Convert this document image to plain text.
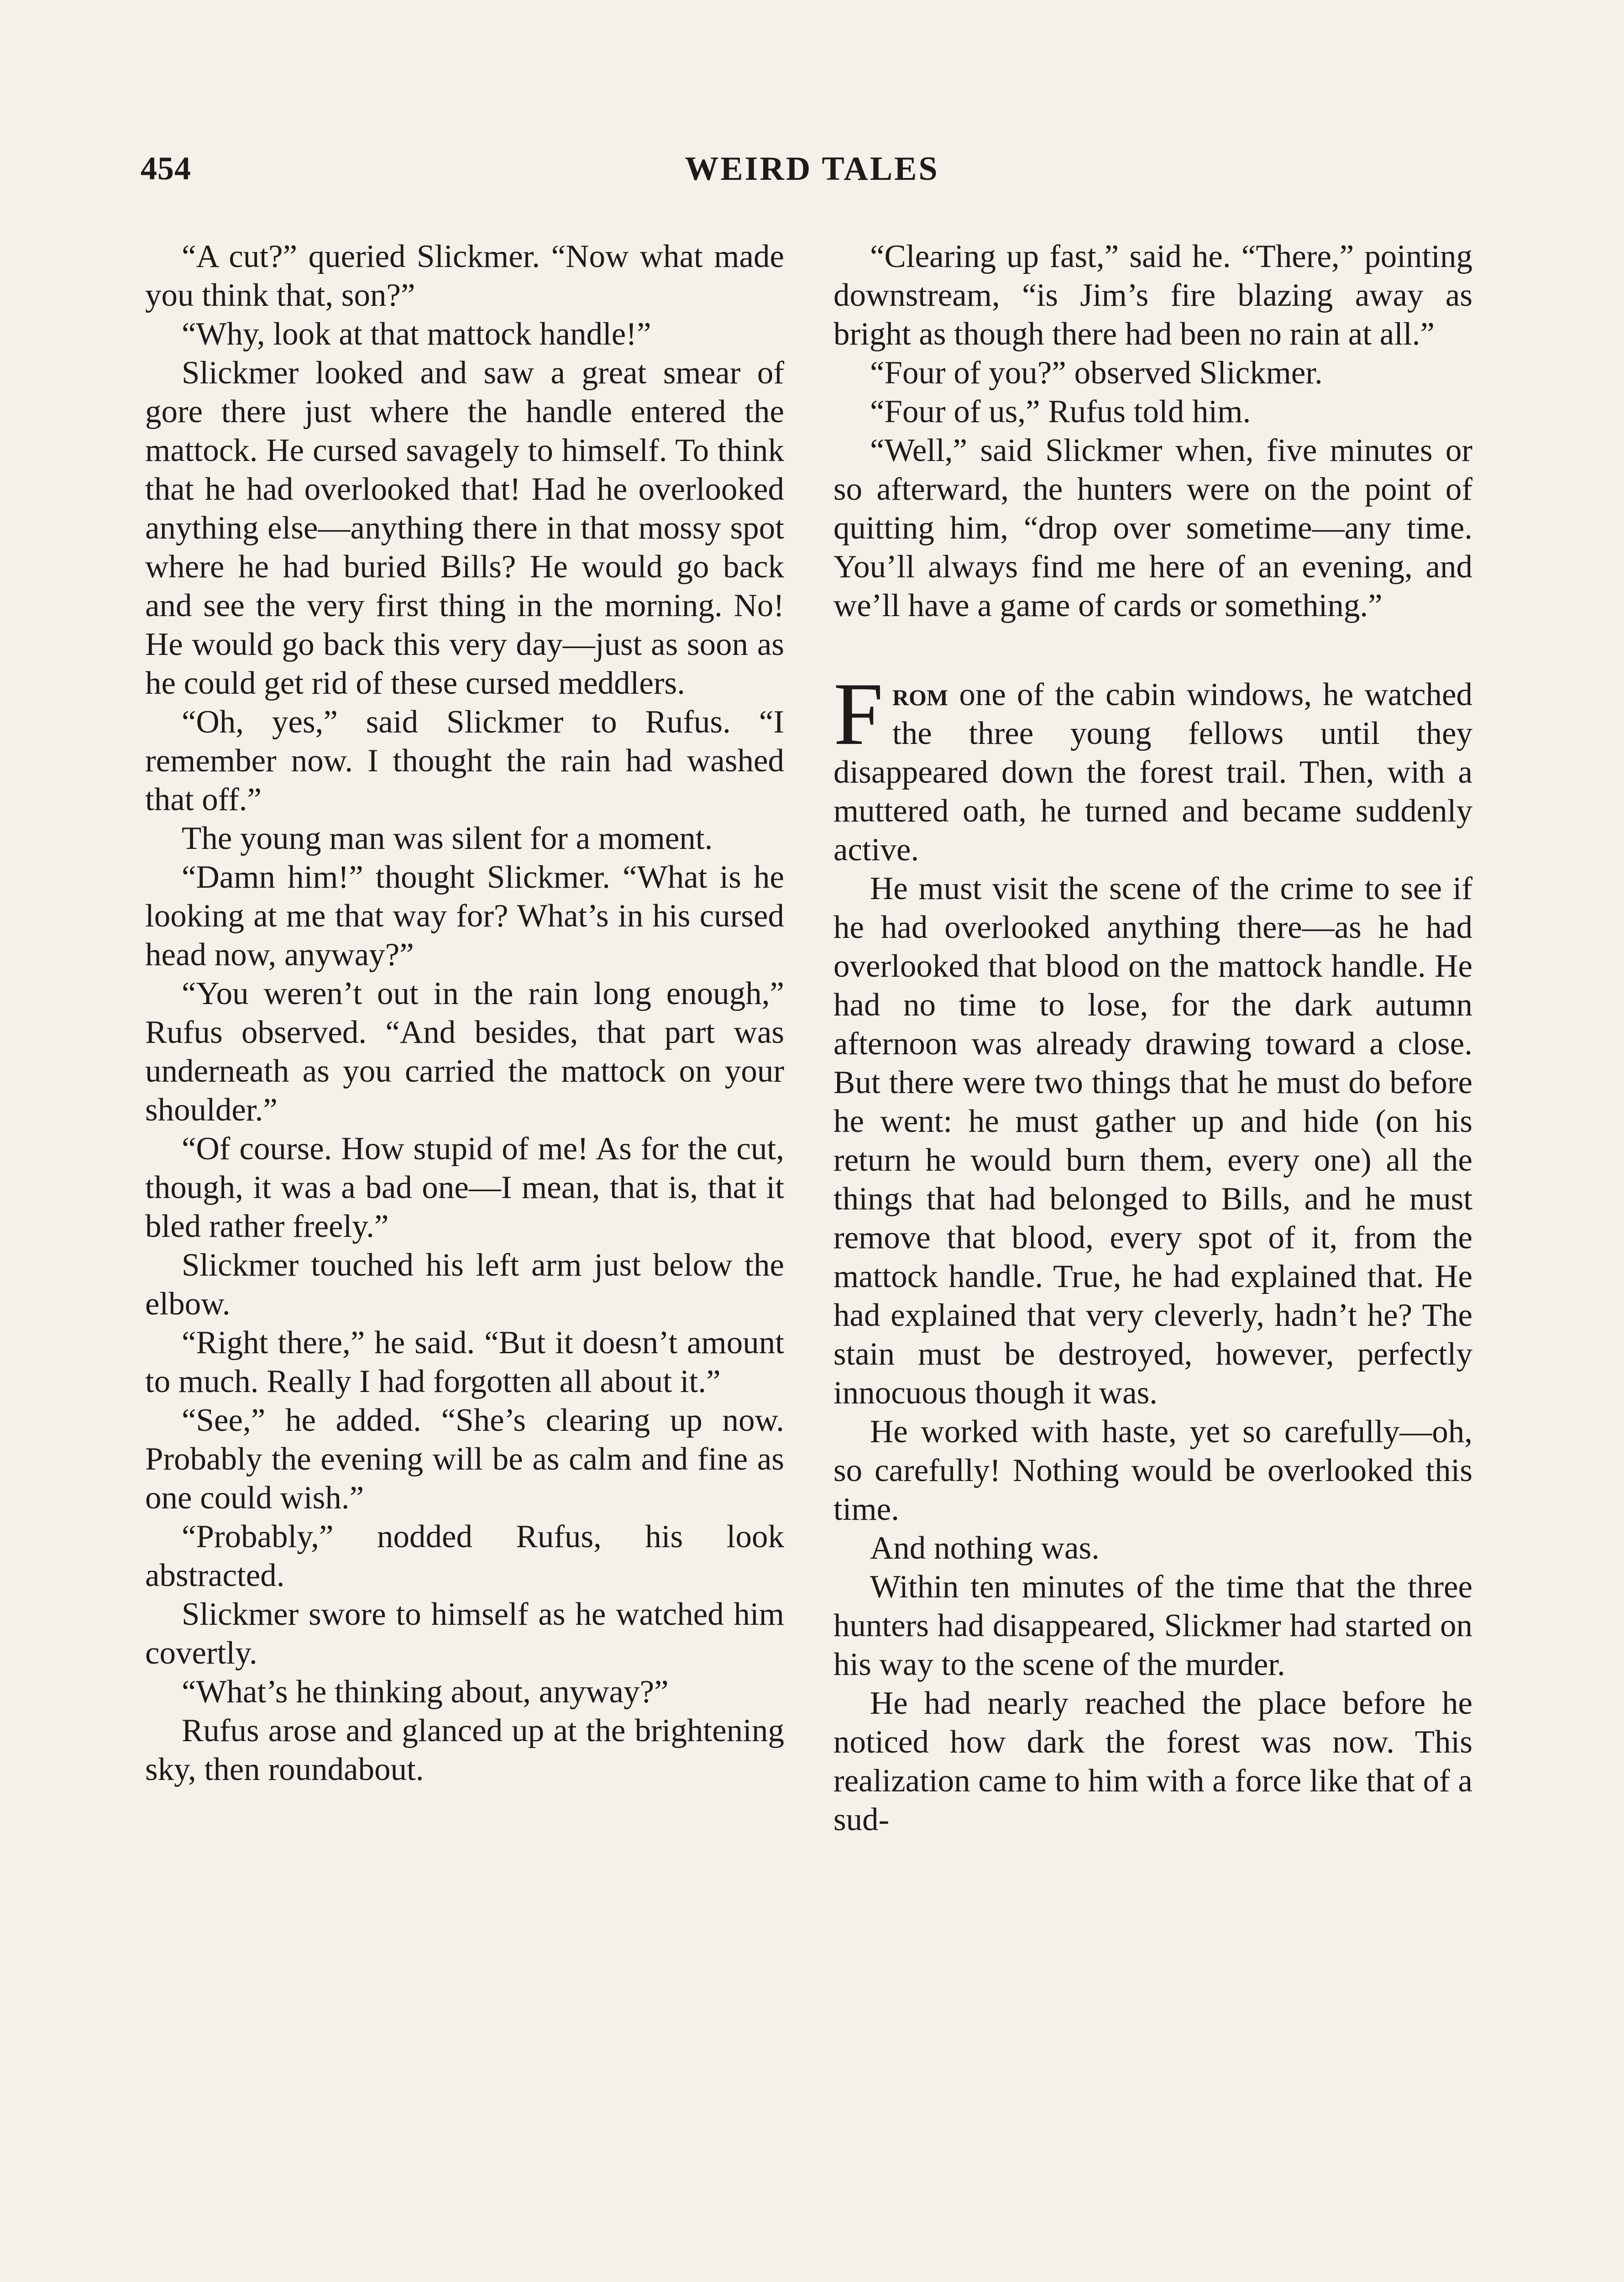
454	WEIRD TALES

“A cut?” queried Slickmer. “Now what made you think that, son?”

“Why, look at that mattock handle!”

Slickmer looked and saw a great smear of gore there just where the handle entered the mattock. He cursed savagely to himself. To think that he had overlooked that! Had he overlooked anything else—anything there in that mossy spot where he had buried Bills? He would go back and see the very first thing in the morning. No! He would go back this very day—just as soon as he could get rid of these cursed meddlers.

“Oh, yes,” said Slickmer to Rufus. “I remember now. I thought the rain had washed that off.”

The young man was silent for a moment.

“Damn him!” thought Slickmer. “What is he looking at me that way for? What’s in his cursed head now, anyway?”

“You weren’t out in the rain long enough,” Rufus observed. “And besides, that part was underneath as you carried the mattock on your shoulder.”

“Of course. How stupid of me! As for the cut, though, it was a bad one—I mean, that is, that it bled rather freely.”

Slickmer touched his left arm just below the elbow.

“Right there,” he said. “But it doesn’t amount to much. Really I had forgotten all about it.”

“See,” he added. “She’s clearing up now. Probably the evening will be as calm and fine as one could wish.”

“Probably,” nodded Rufus, his look abstracted.

Slickmer swore to himself as he watched him covertly.

“What’s he thinking about, anyway?”

Rufus arose and glanced up at the brightening sky, then roundabout.

“Clearing up fast,” said he. “There,” pointing downstream, “is Jim’s fire blazing away as bright as though there had been no rain at all.”

“Four of you?” observed Slickmer.

“Four of us,” Rufus told him.

“Well,” said Slickmer when, five minutes or so afterward, the hunters were on the point of quitting him, “drop over sometime—any time. You’ll always find me here of an evening, and we’ll have a game of cards or something.”

From one of the cabin windows, he watched the three young fellows until they disappeared down the forest trail. Then, with a muttered oath, he turned and became suddenly active.

He must visit the scene of the crime to see if he had overlooked anything there—as he had overlooked that blood on the mattock handle. He had no time to lose, for the dark autumn afternoon was already drawing toward a close. But there were two things that he must do before he went: he must gather up and hide (on his return he would burn them, every one) all the things that had belonged to Bills, and he must remove that blood, every spot of it, from the mattock handle. True, he had explained that. He had explained that very cleverly, hadn’t he? The stain must be destroyed, however, perfectly innocuous though it was.

He worked with haste, yet so carefully—oh, so carefully! Nothing would be overlooked this time.

And nothing was.

Within ten minutes of the time that the three hunters had disappeared, Slickmer had started on his way to the scene of the murder.

He had nearly reached the place before he noticed how dark the forest was now. This realization came to him with a force like that of a sud-
